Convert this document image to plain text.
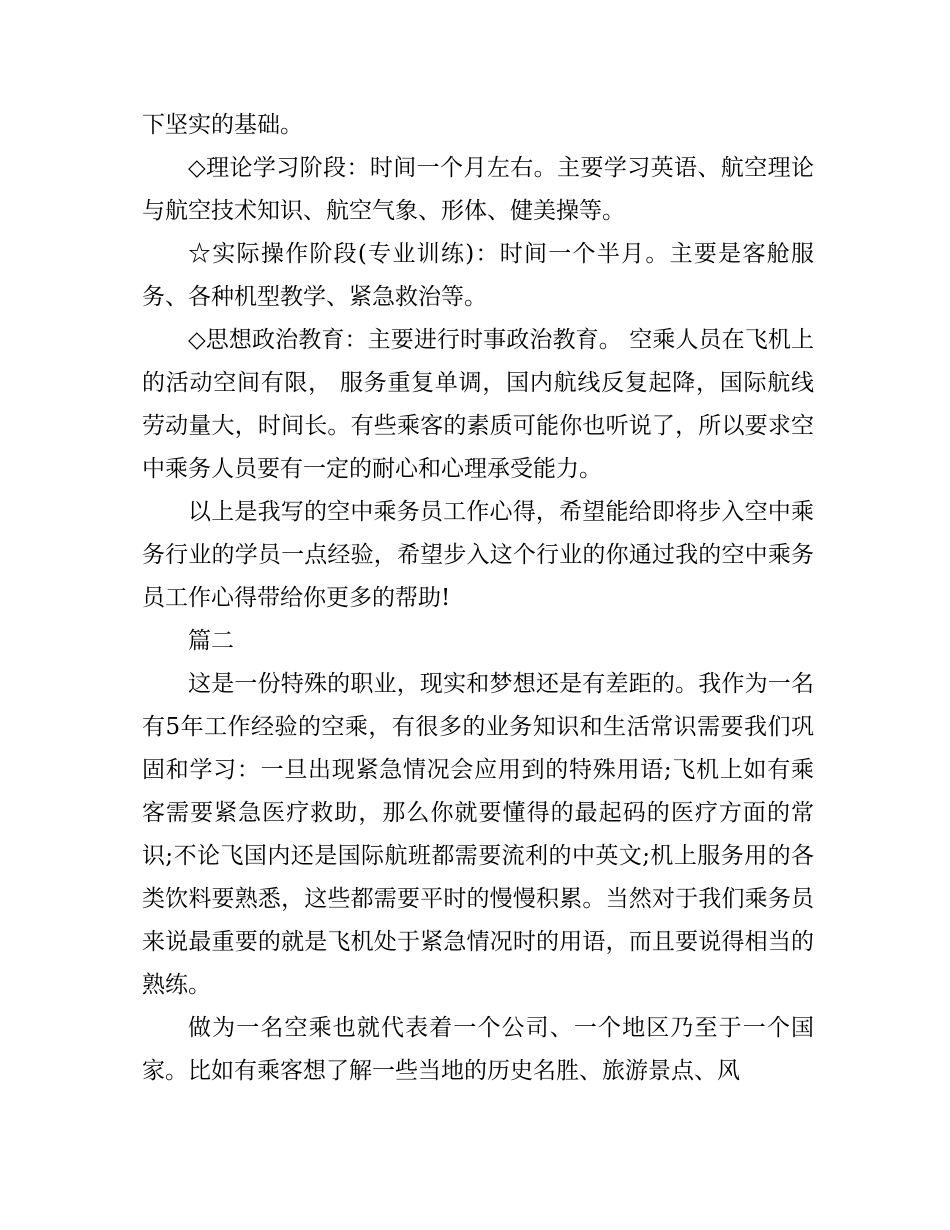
下坚实的基础。

◇理论学习阶段：时间一个月左右。主要学习英语、航空理论与航空技术知识、航空气象、形体、健美操等。

☆实际操作阶段(专业训练)：时间一个半月。主要是客舱服务、各种机型教学、紧急救治等。

◇思想政治教育：主要进行时事政治教育。 空乘人员在飞机上的活动空间有限， 服务重复单调，国内航线反复起降，国际航线劳动量大，时间长。有些乘客的素质可能你也听说了，所以要求空中乘务人员要有一定的耐心和心理承受能力。

以上是我写的空中乘务员工作心得，希望能给即将步入空中乘务行业的学员一点经验，希望步入这个行业的你通过我的空中乘务员工作心得带给你更多的帮助!

篇二

这是一份特殊的职业，现实和梦想还是有差距的。我作为一名有5年工作经验的空乘，有很多的业务知识和生活常识需要我们巩固和学习：一旦出现紧急情况会应用到的特殊用语;飞机上如有乘客需要紧急医疗救助，那么你就要懂得的最起码的医疗方面的常识;不论飞国内还是国际航班都需要流利的中英文;机上服务用的各类饮料要熟悉，这些都需要平时的慢慢积累。当然对于我们乘务员来说最重要的就是飞机处于紧急情况时的用语，而且要说得相当的熟练。

做为一名空乘也就代表着一个公司、一个地区乃至于一个国家。比如有乘客想了解一些当地的历史名胜、旅游景点、风
